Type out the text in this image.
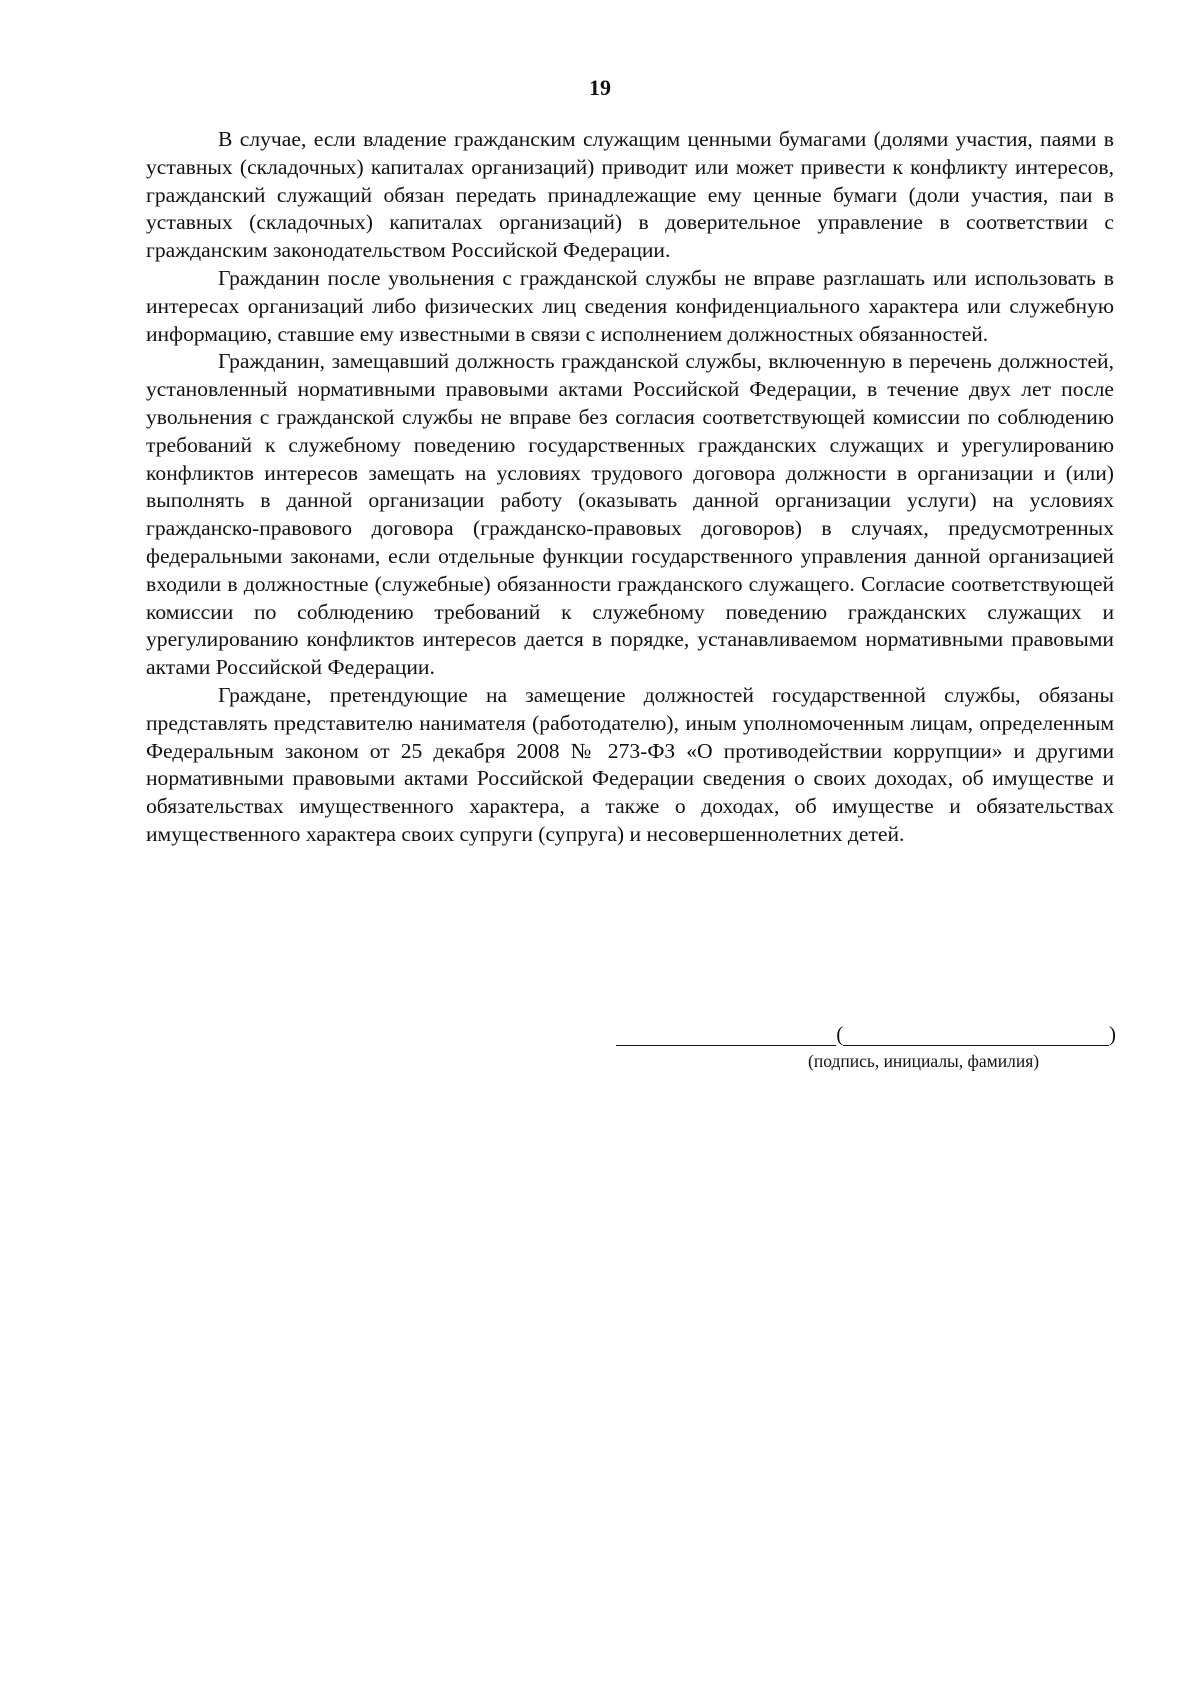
19

В случае, если владение гражданским служащим ценными бумагами (долями участия, паями в уставных (складочных) капиталах организаций) приводит или может привести к конфликту интересов, гражданский служащий обязан передать принадлежащие ему ценные бумаги (доли участия, паи в уставных (складочных) капиталах организаций) в доверительное управление в соответствии с гражданским законодательством Российской Федерации.

Гражданин после увольнения с гражданской службы не вправе разглашать или использовать в интересах организаций либо физических лиц сведения конфиденциального характера или служебную информацию, ставшие ему известными в связи с исполнением должностных обязанностей.

Гражданин, замещавший должность гражданской службы, включенную в перечень должностей, установленный нормативными правовыми актами Российской Федерации, в течение двух лет после увольнения с гражданской службы не вправе без согласия соответствующей комиссии по соблюдению требований к служебному поведению государственных гражданских служащих и урегулированию конфликтов интересов замещать на условиях трудового договора должности в организации и (или) выполнять в данной организации работу (оказывать данной организации услуги) на условиях гражданско-правового договора (гражданско-правовых договоров) в случаях, предусмотренных федеральными законами, если отдельные функции государственного управления данной организацией входили в должностные (служебные) обязанности гражданского служащего. Согласие соответствующей комиссии по соблюдению требований к служебному поведению гражданских служащих и урегулированию конфликтов интересов дается в порядке, устанавливаемом нормативными правовыми актами Российской Федерации.

Граждане, претендующие на замещение должностей государственной службы, обязаны представлять представителю нанимателя (работодателю), иным уполномоченным лицам, определенным Федеральным законом от 25 декабря 2008 № 273-ФЗ «О противодействии коррупции» и другими нормативными правовыми актами Российской Федерации сведения о своих доходах, об имуществе и обязательствах имущественного характера, а также о доходах, об имуществе и обязательствах имущественного характера своих супруги (супруга) и несовершеннолетних детей.

(	)
(подпись, инициалы, фамилия)
